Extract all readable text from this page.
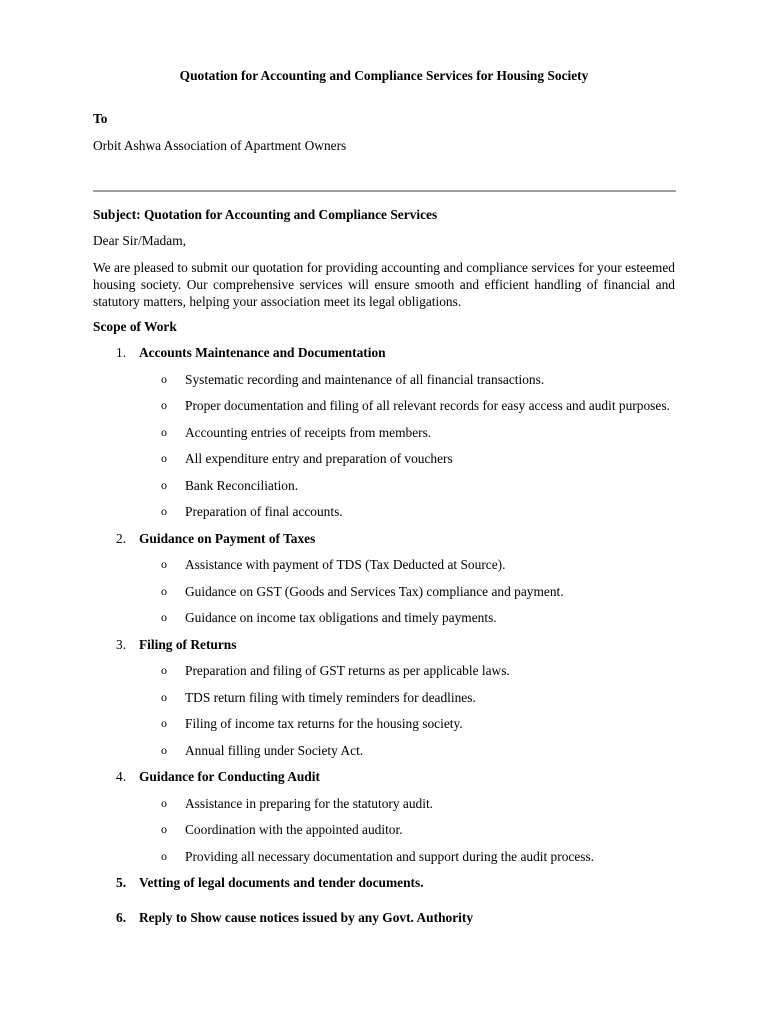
Quotation for Accounting and Compliance Services for Housing Society
To
Orbit Ashwa Association of Apartment Owners
Subject: Quotation for Accounting and Compliance Services
Dear Sir/Madam,

We are pleased to submit our quotation for providing accounting and compliance services for your esteemed housing society. Our comprehensive services will ensure smooth and efficient handling of financial and statutory matters, helping your association meet its legal obligations.

Scope of Work
1. Accounts Maintenance and Documentation
o Systematic recording and maintenance of all financial transactions.
o Proper documentation and filing of all relevant records for easy access and audit purposes.
o Accounting entries of receipts from members.
o All expenditure entry and preparation of vouchers
o Bank Reconciliation.
o Preparation of final accounts.
2. Guidance on Payment of Taxes
o Assistance with payment of TDS (Tax Deducted at Source).
o Guidance on GST (Goods and Services Tax) compliance and payment.
o Guidance on income tax obligations and timely payments.
3. Filing of Returns
o Preparation and filing of GST returns as per applicable laws.
o TDS return filing with timely reminders for deadlines.
o Filing of income tax returns for the housing society.
o Annual filling under Society Act.
4. Guidance for Conducting Audit
o Assistance in preparing for the statutory audit.
o Coordination with the appointed auditor.
o Providing all necessary documentation and support during the audit process.
5. Vetting of legal documents and tender documents.
6. Reply to Show cause notices issued by any Govt. Authority
